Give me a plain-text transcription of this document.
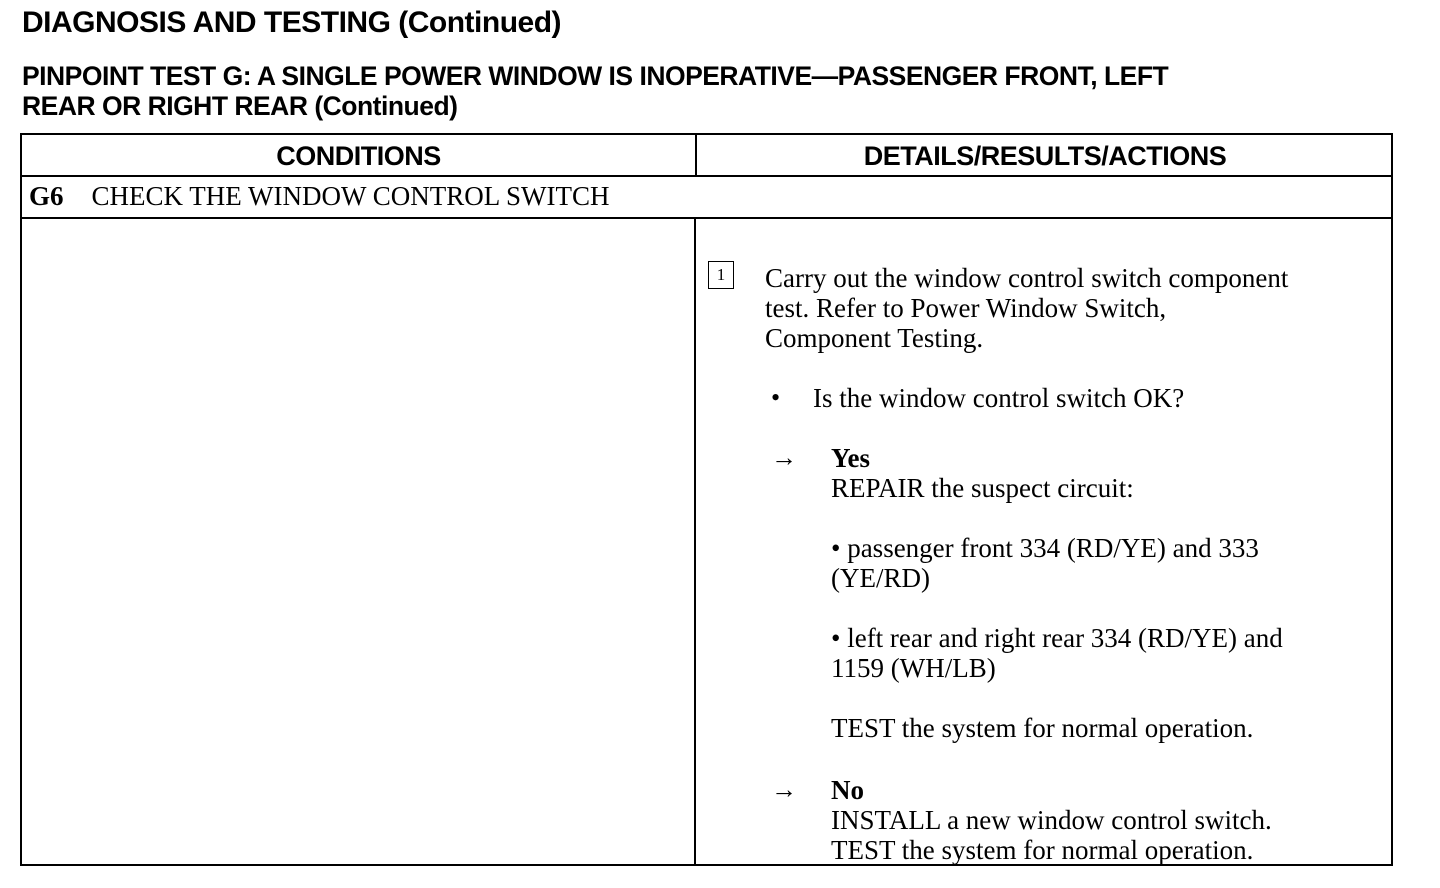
DIAGNOSIS AND TESTING (Continued)
PINPOINT TEST G: A SINGLE POWER WINDOW IS INOPERATIVE—PASSENGER FRONT, LEFT
REAR OR RIGHT REAR (Continued)
CONDITIONS	DETAILS/RESULTS/ACTIONS
G6 CHECK THE WINDOW CONTROL SWITCH
1	Carry out the window control switch component
test. Refer to Power Window Switch,
Component Testing.
• Is the window control switch OK?
→ Yes
REPAIR the suspect circuit:
• passenger front 334 (RD/YE) and 333
(YE/RD)
• left rear and right rear 334 (RD/YE) and
1159 (WH/LB)
TEST the system for normal operation.
→ No
INSTALL a new window control switch.
TEST the system for normal operation.
